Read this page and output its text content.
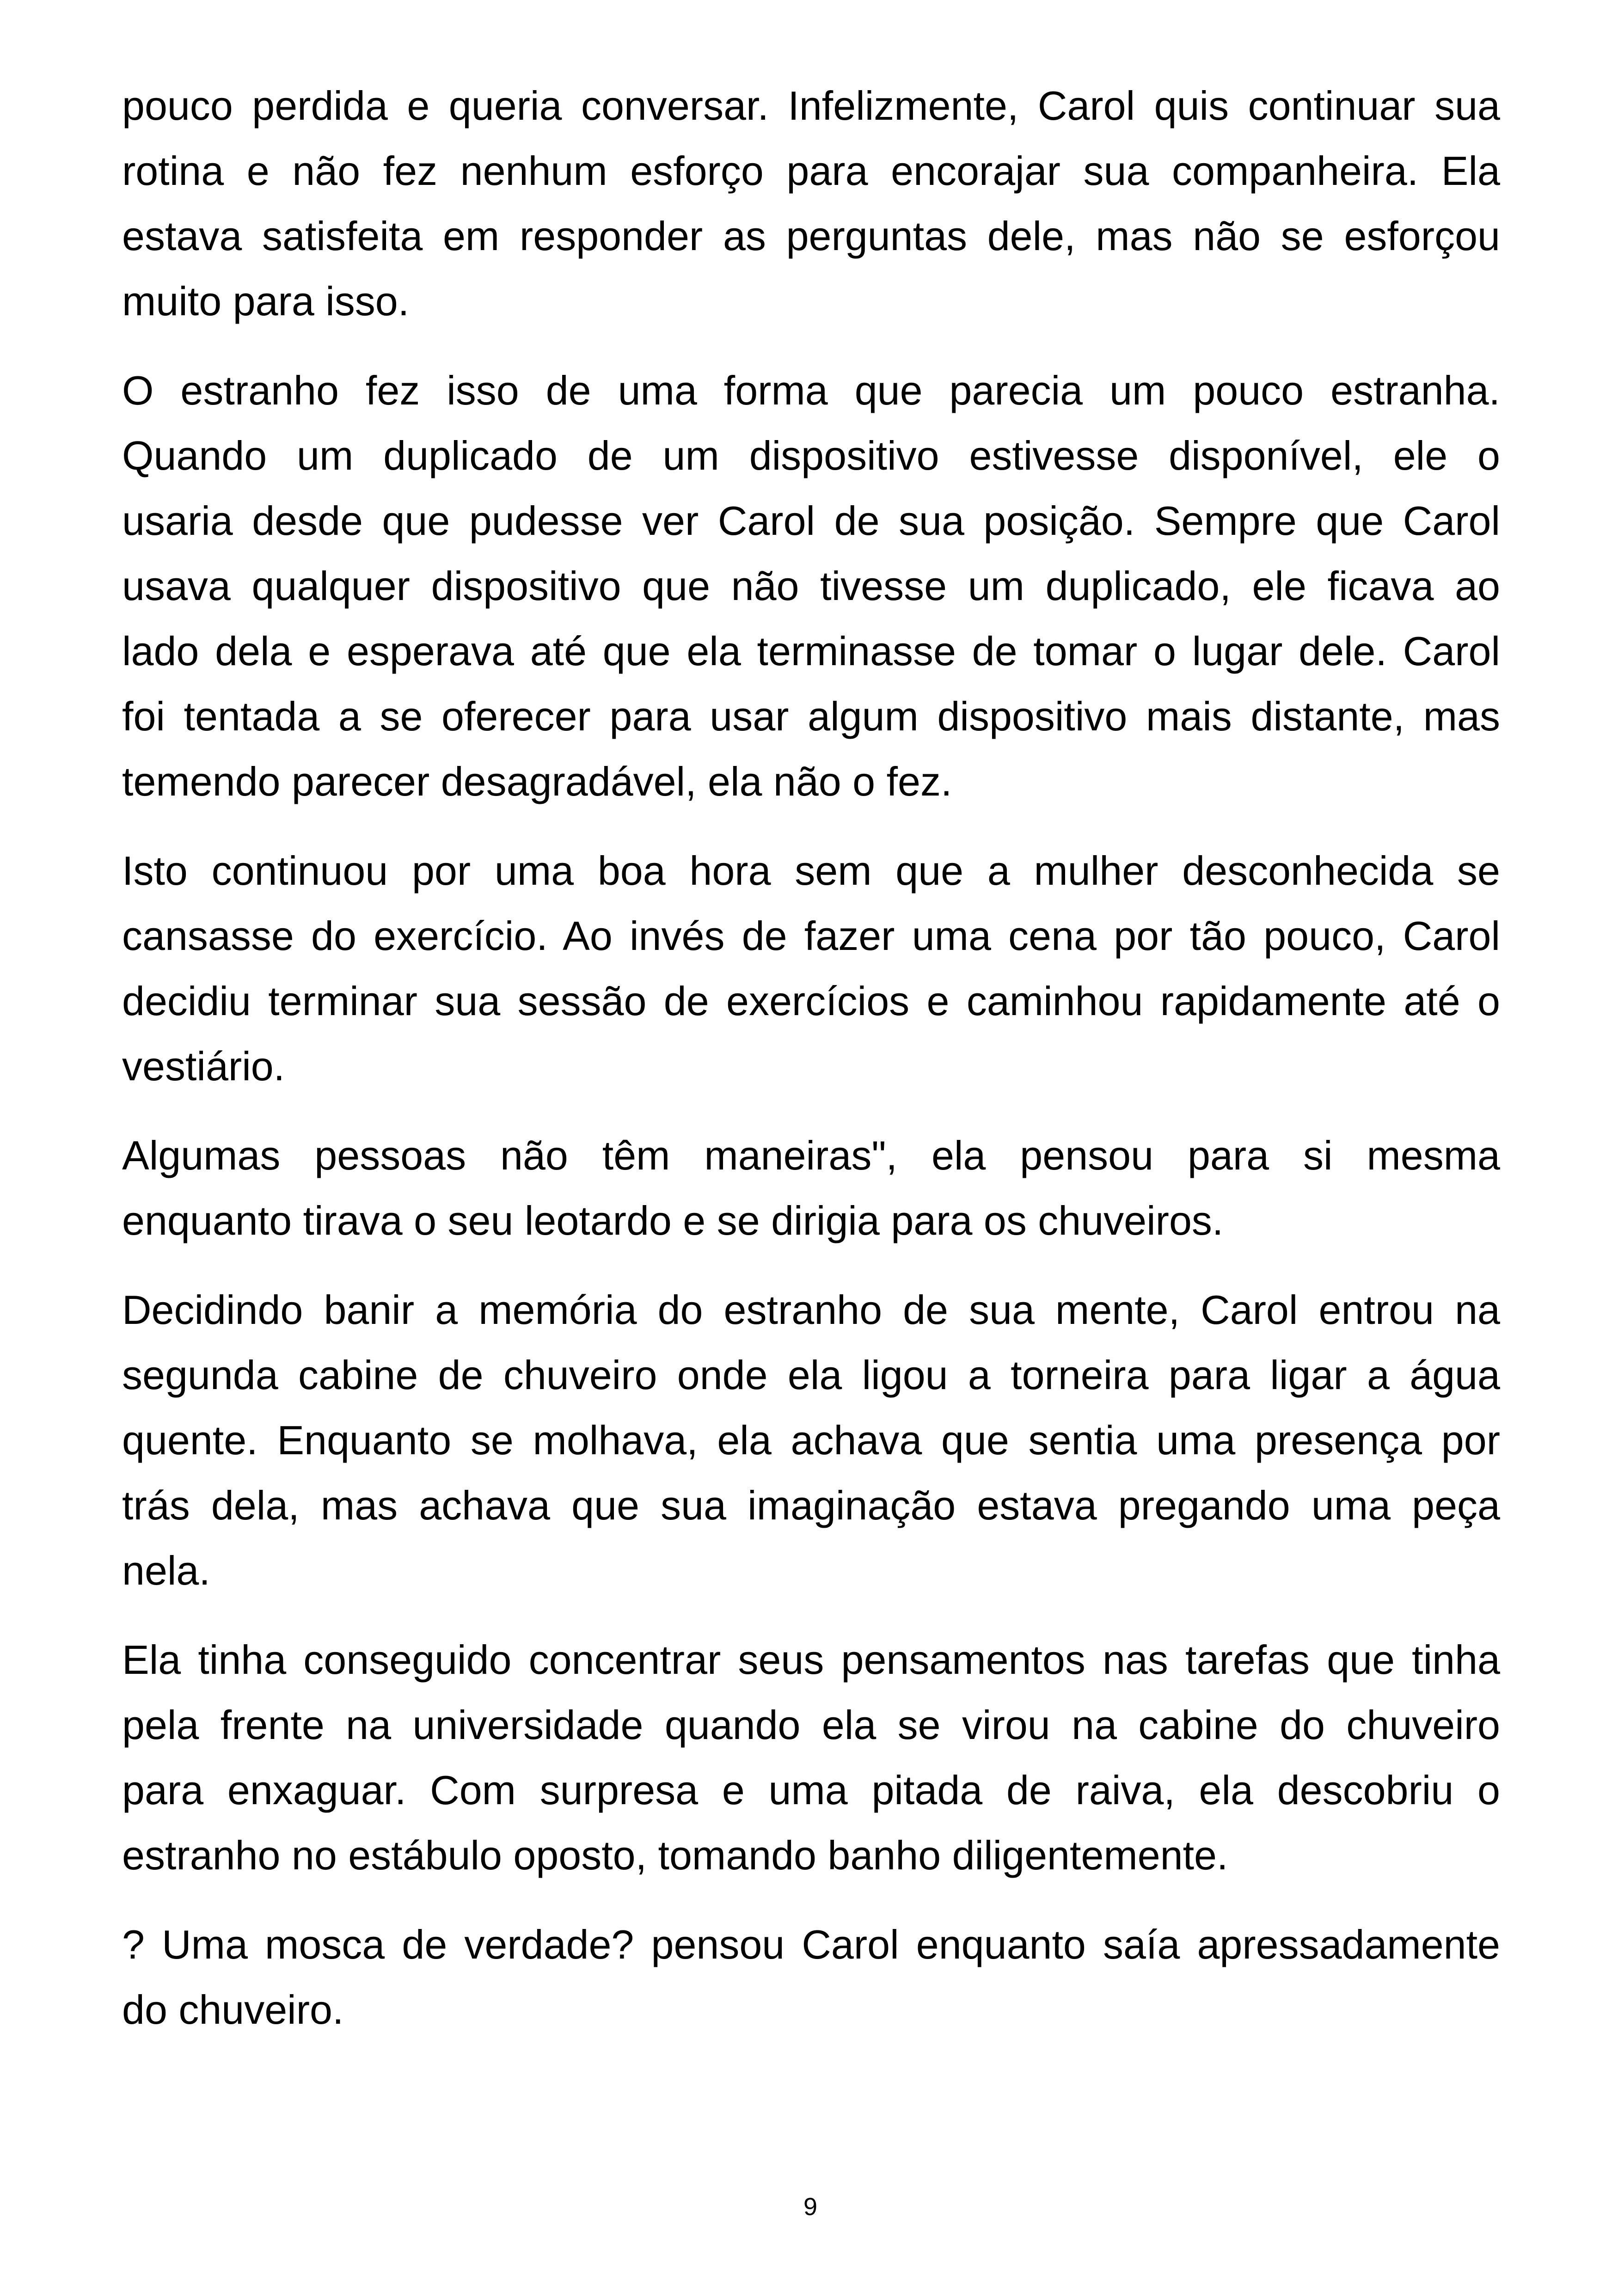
pouco perdida e queria conversar. Infelizmente, Carol quis continuar sua
rotina e não fez nenhum esforço para encorajar sua companheira. Ela
estava satisfeita em responder as perguntas dele, mas não se esforçou
muito para isso.
O estranho fez isso de uma forma que parecia um pouco estranha.
Quando um duplicado de um dispositivo estivesse disponível, ele o
usaria desde que pudesse ver Carol de sua posição. Sempre que Carol
usava qualquer dispositivo que não tivesse um duplicado, ele ficava ao
lado dela e esperava até que ela terminasse de tomar o lugar dele. Carol
foi tentada a se oferecer para usar algum dispositivo mais distante, mas
temendo parecer desagradável, ela não o fez.
Isto continuou por uma boa hora sem que a mulher desconhecida se
cansasse do exercício. Ao invés de fazer uma cena por tão pouco, Carol
decidiu terminar sua sessão de exercícios e caminhou rapidamente até o
vestiário.
Algumas pessoas não têm maneiras", ela pensou para si mesma
enquanto tirava o seu leotardo e se dirigia para os chuveiros.
Decidindo banir a memória do estranho de sua mente, Carol entrou na
segunda cabine de chuveiro onde ela ligou a torneira para ligar a água
quente. Enquanto se molhava, ela achava que sentia uma presença por
trás dela, mas achava que sua imaginação estava pregando uma peça
nela.
Ela tinha conseguido concentrar seus pensamentos nas tarefas que tinha
pela frente na universidade quando ela se virou na cabine do chuveiro
para enxaguar. Com surpresa e uma pitada de raiva, ela descobriu o
estranho no estábulo oposto, tomando banho diligentemente.
? Uma mosca de verdade? pensou Carol enquanto saía apressadamente
do chuveiro.
9
